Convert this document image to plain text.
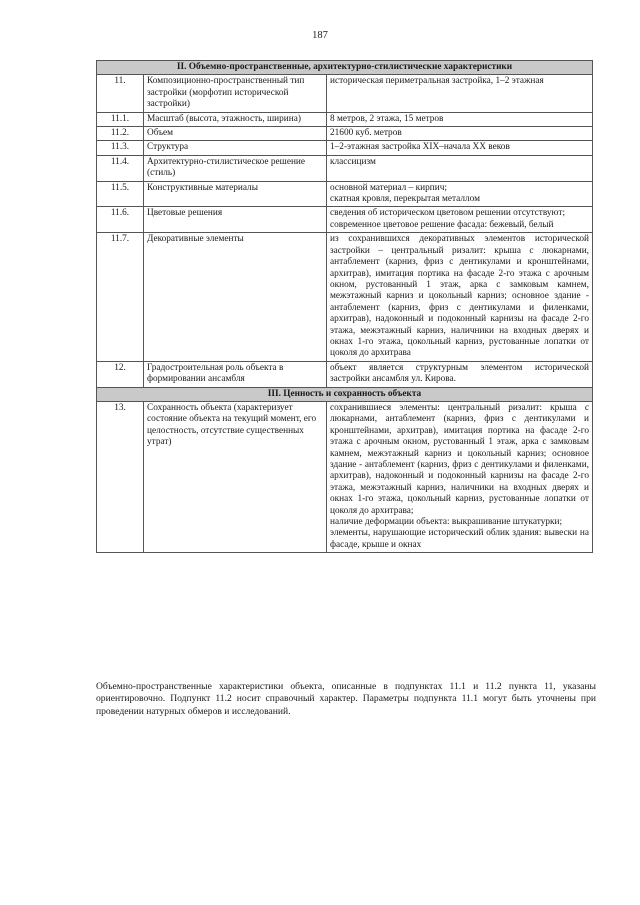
187
II. Объемно-пространственные, архитектурно-стилистические характеристики		
11.	Композиционно-пространственный тип застройки (морфотип исторической застройки)	историческая периметральная застройка, 1–2 этажная

11.1.	Масштаб (высота, этажность, ширина)	8 метров, 2 этажа, 15 метров

11.2.	Объем	21600 куб. метров

11.3.	Структура	1–2-этажная застройка XIX–начала XX веков

11.4.	Архитектурно-стилистическое решение (стиль)	классицизм

11.5.	Конструктивные материалы	основной материал – кирпич;
скатная кровля, перекрытая металлом

11.6.	Цветовые решения	сведения об историческом цветовом решении отсутствуют;
современное цветовое решение фасада: бежевый, белый

11.7.	Декоративные элементы	из сохранившихся декоративных элементов исторической застройки – центральный ризалит: крыша с люкарнами, антаблемент (карниз, фриз с дентикулами и кронштейнами, архитрав), имитация портика на фасаде 2-го этажа с арочным окном, рустованный 1 этаж, арка с замковым камнем, межэтажный карниз и цокольный карниз; основное здание - антаблемент (карниз, фриз с дентикулами и филенками, архитрав), надоконный и подоконный карнизы на фасаде 2-го этажа, межэтажный карниз, наличники на входных дверях и окнах 1-го этажа, цокольный карниз, рустованные лопатки от цоколя до архитрава

12.	Градостроительная роль объекта в формировании ансамбля	объект является структурным элементом исторической застройки ансамбля ул. Кирова.

III. Ценность и сохранность объекта		
13.	Сохранность объекта (характеризует состояние объекта на текущий момент, его целостность, отсутствие существенных утрат)	сохранившиеся элементы: центральный ризалит: крыша с люкарнами, антаблемент (карниз, фриз с дентикулами и кронштейнами, архитрав), имитация портика на фасаде 2-го этажа с арочным окном, рустованный 1 этаж, арка с замковым камнем, межэтажный карниз и цокольный карниз; основное здание - антаблемент (карниз, фриз с дентикулами и филенками, архитрав), надоконный и подоконный карнизы на фасаде 2-го этажа, межэтажный карниз, наличники на входных дверях и окнах 1-го этажа, цокольный карниз, рустованные лопатки от цоколя до архитрава;
наличие деформации объекта: выкрашивание штукатурки;
элементы, нарушающие исторический облик здания: вывески на фасаде, крыше и окнах
Объемно-пространственные характеристики объекта, описанные в подпунктах 11.1 и 11.2 пункта 11, указаны ориентировочно. Подпункт 11.2 носит справочный характер. Параметры подпункта 11.1 могут быть уточнены при проведении натурных обмеров и исследований.
